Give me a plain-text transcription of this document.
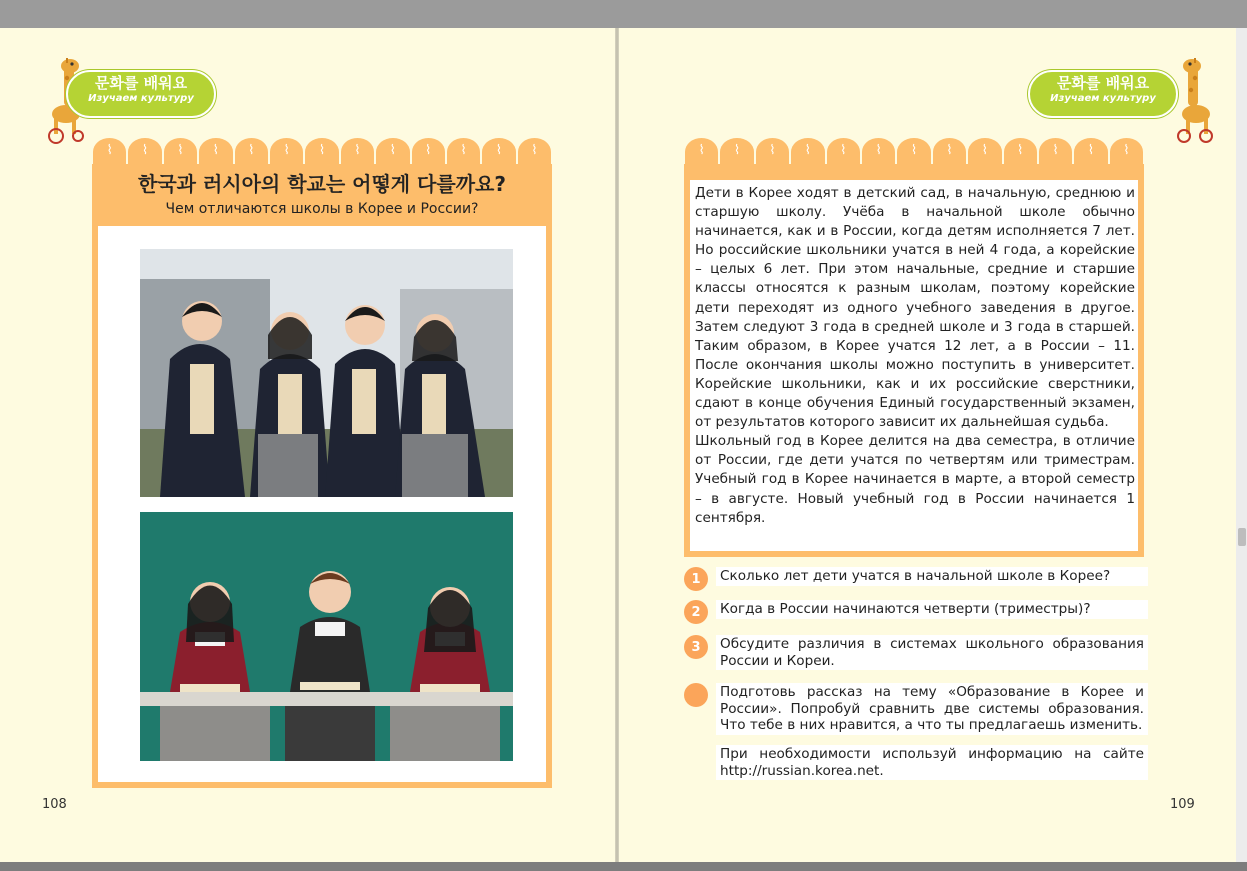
문화를 배워요
Изучаем культуру
문화를 배워요
Изучаем культуру
⌇
⌇
⌇
⌇
⌇
⌇
⌇
⌇
⌇
⌇
⌇
⌇
⌇
한국과 러시아의 학교는 어떻게 다를까요?
Чем отличаются школы в Корее и России?
108
⌇
⌇
⌇
⌇
⌇
⌇
⌇
⌇
⌇
⌇
⌇
⌇
⌇

Дети в Корее ходят в детский сад, в начальную, среднюю и старшую школу. Учёба в начальной школе обычно начинается, как и в России, когда детям исполняется 7 лет. Но российские школьники учатся в ней 4 года, а корейские – целых 6 лет. При этом начальные, средние и старшие классы относятся к разным школам, поэтому корейские дети переходят из одного учебного заведения в другое. Затем следуют 3 года в средней школе и 3 года в старшей. Таким образом, в Корее учатся 12 лет, а в России – 11. После окончания школы можно поступить в университет. Корейские школьники, как и их российские сверстники, сдают в конце обучения Единый государственный экзамен, от результатов которого зависит их дальнейшая судьба.

Школьный год в Корее делится на два семестра, в отличие от России, где дети учатся по четвертям или триместрам. Учебный год в Корее начинается в марте, а второй семестр – в августе. Новый учебный год в России начинается 1 сентября.

1	Сколько лет дети учатся в начальной школе в Корее?
2	Когда в России начинаются четверти (триместры)?
3	Обсудите различия в системах школьного образования России и Кореи.
Подготовь рассказ на тему «Образование в Корее и России». Попробуй сравнить две системы образования. Что тебе в них нравится, а что ты предлагаешь изменить.
При необходимости используй информацию на сайте http://russian.korea.net.
109
